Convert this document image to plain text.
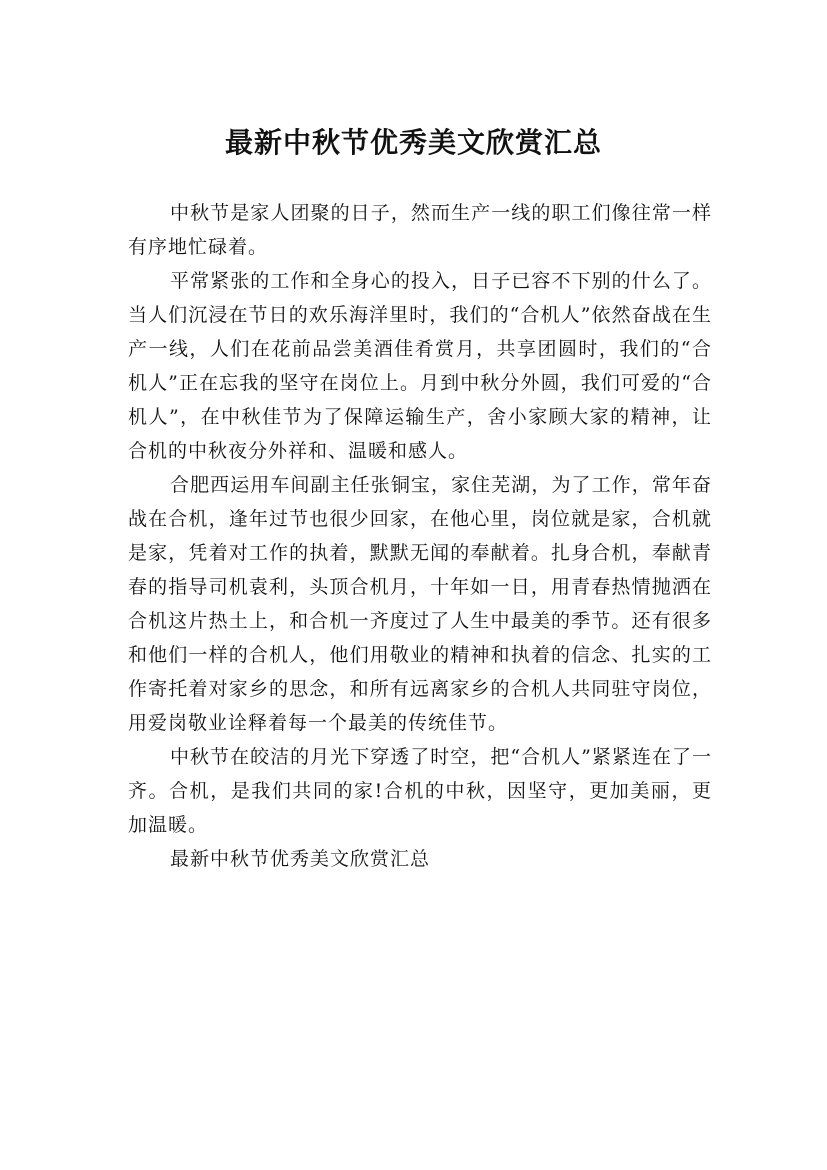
最新中秋节优秀美文欣赏汇总

中秋节是家人团聚的日子，然而生产一线的职工们像往常一样有序地忙碌着。

平常紧张的工作和全身心的投入，日子已容不下别的什么了。当人们沉浸在节日的欢乐海洋里时，我们的“合机人”依然奋战在生产一线，人们在花前品尝美酒佳肴赏月，共享团圆时，我们的“合机人”正在忘我的坚守在岗位上。月到中秋分外圆，我们可爱的“合机人”，在中秋佳节为了保障运输生产，舍小家顾大家的精神，让合机的中秋夜分外祥和、温暖和感人。

合肥西运用车间副主任张铜宝，家住芜湖，为了工作，常年奋战在合机，逢年过节也很少回家，在他心里，岗位就是家，合机就是家，凭着对工作的执着，默默无闻的奉献着。扎身合机，奉献青春的指导司机袁利，头顶合机月，十年如一日，用青春热情抛洒在合机这片热土上，和合机一齐度过了人生中最美的季节。还有很多和他们一样的合机人，他们用敬业的精神和执着的信念、扎实的工作寄托着对家乡的思念，和所有远离家乡的合机人共同驻守岗位，用爱岗敬业诠释着每一个最美的传统佳节。

中秋节在皎洁的月光下穿透了时空，把“合机人”紧紧连在了一齐。合机，是我们共同的家!合机的中秋，因坚守，更加美丽，更加温暖。

最新中秋节优秀美文欣赏汇总
